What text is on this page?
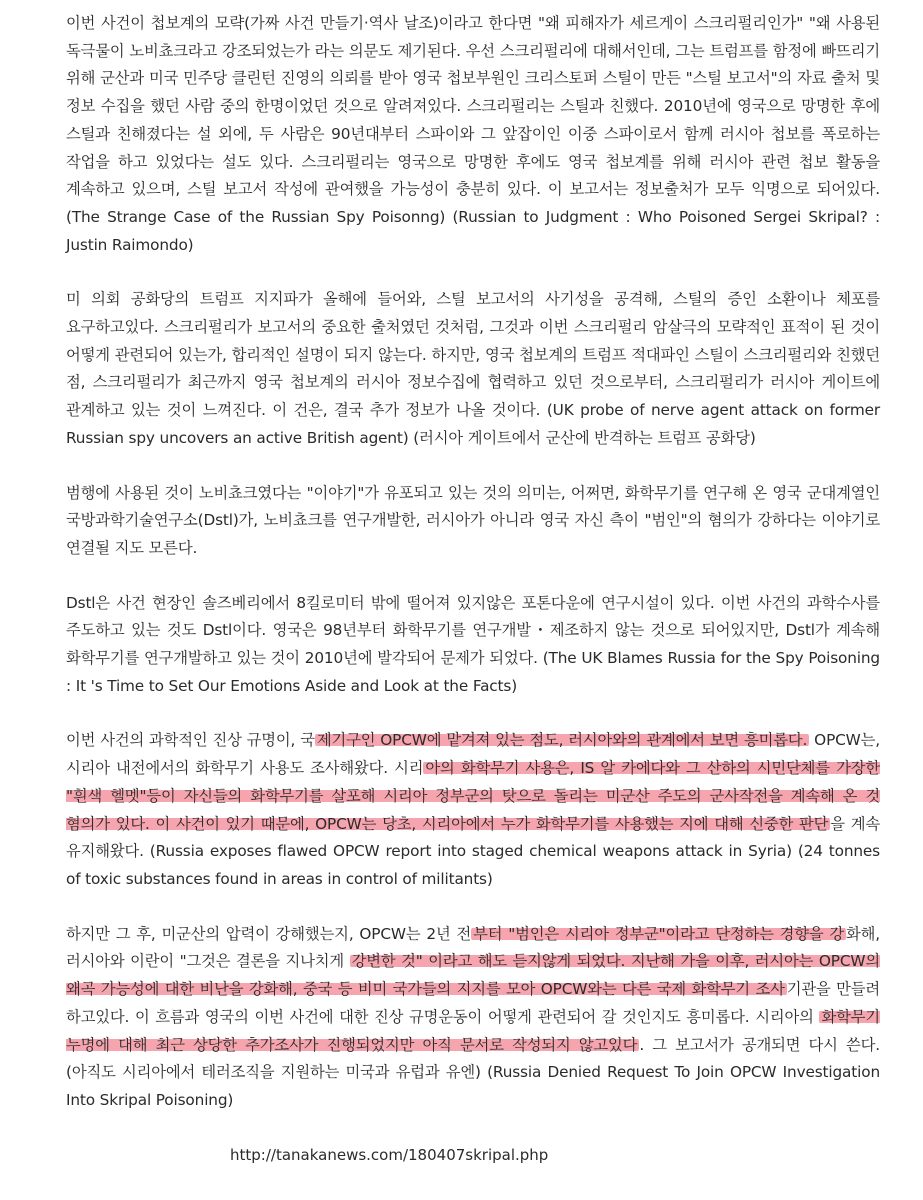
이번 사건이 첩보계의 모략(가짜 사건 만들기·역사 날조)이라고 한다면 "왜 피해자가 세르게이 스크리펄리인가" "왜 사용된 독극물이 노비쵸크라고 강조되었는가 라는 의문도 제기된다. 우선 스크리펄리에 대해서인데, 그는 트럼프를 함정에 빠뜨리기 위해 군산과 미국 민주당 클린턴 진영의 의뢰를 받아 영국 첩보부원인 크리스토퍼 스틸이 만든 "스틸 보고서"의 자료 출처 및 정보 수집을 했던 사람 중의 한명이었던 것으로 알려져있다. 스크리펄리는 스틸과 친했다. 2010년에 영국으로 망명한 후에 스틸과 친해졌다는 설 외에, 두 사람은 90년대부터 스파이와 그 앞잡이인 이중 스파이로서 함께 러시아 첩보를 폭로하는 작업을 하고 있었다는 설도 있다. 스크리펄리는 영국으로 망명한 후에도 영국 첩보계를 위해 러시아 관련 첩보 활동을 계속하고 있으며, 스틸 보고서 작성에 관여했을 가능성이 충분히 있다. 이 보고서는 정보출처가 모두 익명으로 되어있다. (The Strange Case of the Russian Spy Poisonng) (Russian to Judgment : Who Poisoned Sergei Skripal? : Justin Raimondo)

미 의회 공화당의 트럼프 지지파가 올해에 들어와, 스틸 보고서의 사기성을 공격해, 스틸의 증인 소환이나 체포를 요구하고있다. 스크리펄리가 보고서의 중요한 출처였던 것처럼, 그것과 이번 스크리펄리 암살극의 모략적인 표적이 된 것이 어떻게 관련되어 있는가, 합리적인 설명이 되지 않는다. 하지만, 영국 첩보계의 트럼프 적대파인 스틸이 스크리펄리와 친했던 점, 스크리펄리가 최근까지 영국 첩보계의 러시아 정보수집에 협력하고 있던 것으로부터, 스크리펄리가 러시아 게이트에 관계하고 있는 것이 느껴진다. 이 건은, 결국 추가 정보가 나올 것이다. (UK probe of nerve agent attack on former Russian spy uncovers an active British agent) (러시아 게이트에서 군산에 반격하는 트럼프 공화당)

범행에 사용된 것이 노비쵸크였다는 "이야기"가 유포되고 있는 것의 의미는, 어쩌면, 화학무기를 연구해 온 영국 군대계열인 국방과학기술연구소(Dstl)가, 노비쵸크를 연구개발한, 러시아가 아니라 영국 자신 측이 "범인"의 혐의가 강하다는 이야기로 연결될 지도 모른다.

Dstl은 사건 현장인 솔즈베리에서 8킬로미터 밖에 떨어져 있지않은 포톤다운에 연구시설이 있다. 이번 사건의 과학수사를 주도하고 있는 것도 Dstl이다. 영국은 98년부터 화학무기를 연구개발・제조하지 않는 것으로 되어있지만, Dstl가 계속해 화학무기를 연구개발하고 있는 것이 2010년에 발각되어 문제가 되었다. (The UK Blames Russia for the Spy Poisoning : It 's Time to Set Our Emotions Aside and Look at the Facts)

이번 사건의 과학적인 진상 규명이, 국 제기구인 OPCW에 맡겨져 있는 점도, 러시아와의 관계에서 보면 흥미롭다. OPCW는, 시리아 내전에서의 화학무기 사용도 조사해왔다. 시리 아의 화학무기 사용은, IS 알 카에다와 그 산하의 시민단체를 가장한 "흰색 헬멧"등이 자신들의 화학무기를 살포해 시리아 정부군의 탓으로 돌리는 미군산 주도의 군사작전을 계속해 온 것 혐의가 있다. 이 사건이 있기 때문에, OPCW는 당초, 시리아에서 누가 화학무기를 사용했는 지에 대해 신중한 판단 을 계속 유지해왔다. (Russia exposes flawed OPCW report into staged chemical weapons attack in Syria) (24 tonnes of toxic substances found in areas in control of militants)

하지만 그 후, 미군산의 압력이 강해했는지, OPCW는 2년 전 부터 "범인은 시리아 정부군"이라고 단정하는 경향을 강 화해, 러시아와 이란이 "그것은 결론을 지나치게 강변한 것" 이라고 해도 듣지않게 되었다. 지난해 가을 이후, 러시아는 OPCW의 왜곡 가능성에 대한 비난을 강화해, 중국 등 비미 국가들의 지지를 모아 OPCW와는 다른 국제 화학무기 조사 기관을 만들려 하고있다. 이 흐름과 영국의 이번 사건에 대한 진상 규명운동이 어떻게 관련되어 갈 것인지도 흥미롭다. 시리아의 화학무기 누명에 대해 최근 상당한 추가조사가 진행되었지만 아직 문서로 작성되지 않고있다 . 그 보고서가 공개되면 다시 쓴다. (아직도 시리아에서 테러조직을 지원하는 미국과 유럽과 유엔) (Russia Denied Request To Join OPCW Investigation Into Skripal Poisoning)

http://tanakanews.com/180407skripal.php
